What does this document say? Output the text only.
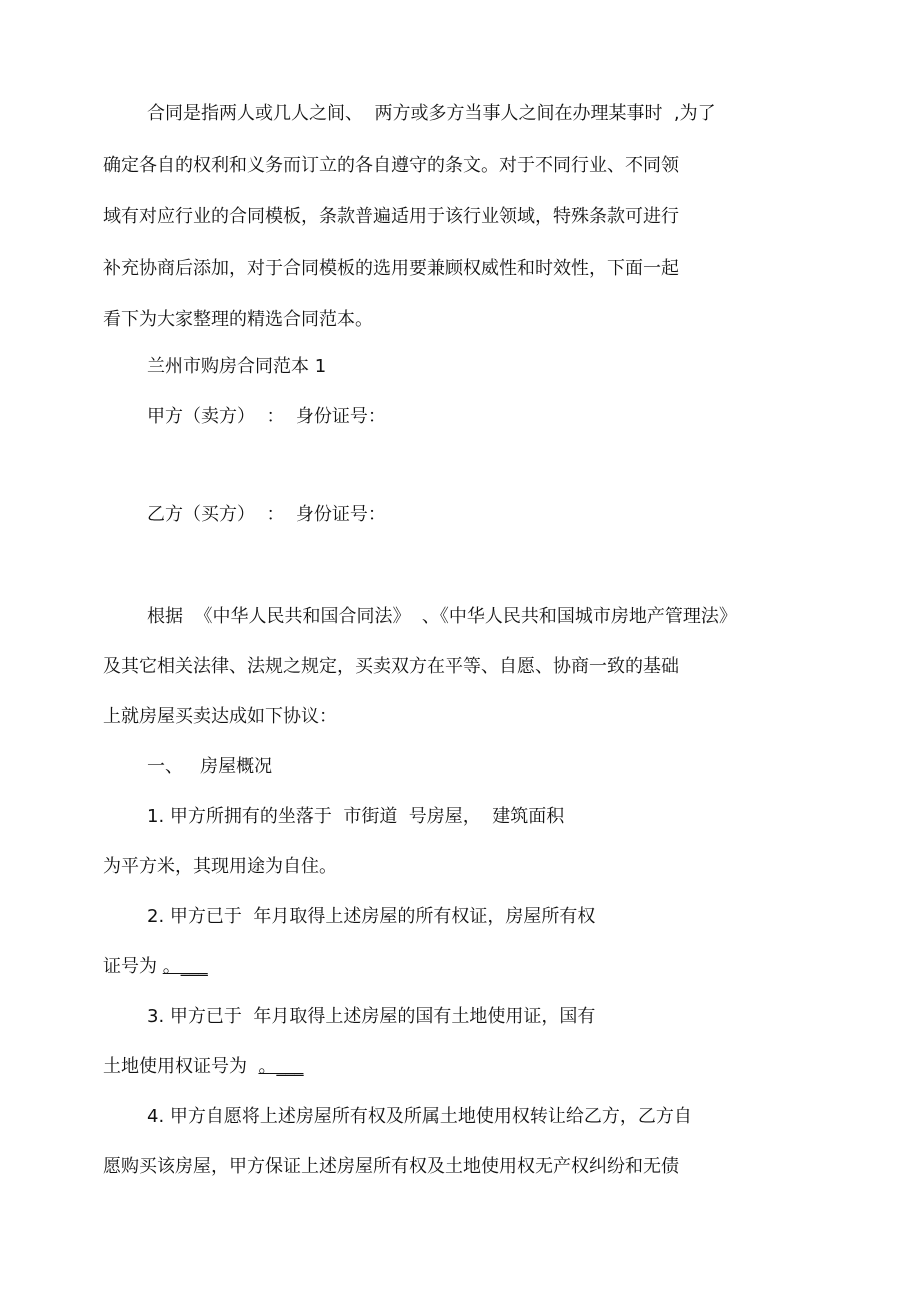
合同是指两人或几人之间、  两方或多方当事人之间在办理某事时  ,为了
确定各自的权利和义务而订立的各自遵守的条文。对于不同行业、不同领
域有对应行业的合同模板，条款普遍适用于该行业领域，特殊条款可进行
补充协商后添加，对于合同模板的选用要兼顾权威性和时效性，下面一起
看下为大家整理的精选合同范本。
兰州市购房合同范本 1
甲方（卖方）  ：  身份证号：
乙方（买方）  ：  身份证号：
根据  《中华人民共和国合同法》  、《中华人民共和国城市房地产管理法》
及其它相关法律、法规之规定，买卖双方在平等、自愿、协商一致的基础
上就房屋买卖达成如下协议：
一、   房屋概况
1. 甲方所拥有的坐落于  市街道  号房屋，  建筑面积
为平方米，其现用途为自住。
2. 甲方已于  年月取得上述房屋的所有权证，房屋所有权
证号为 。___
3. 甲方已于  年月取得上述房屋的国有土地使用证，国有
土地使用权证号为  。___
4. 甲方自愿将上述房屋所有权及所属土地使用权转让给乙方，乙方自
愿购买该房屋，甲方保证上述房屋所有权及土地使用权无产权纠纷和无债
